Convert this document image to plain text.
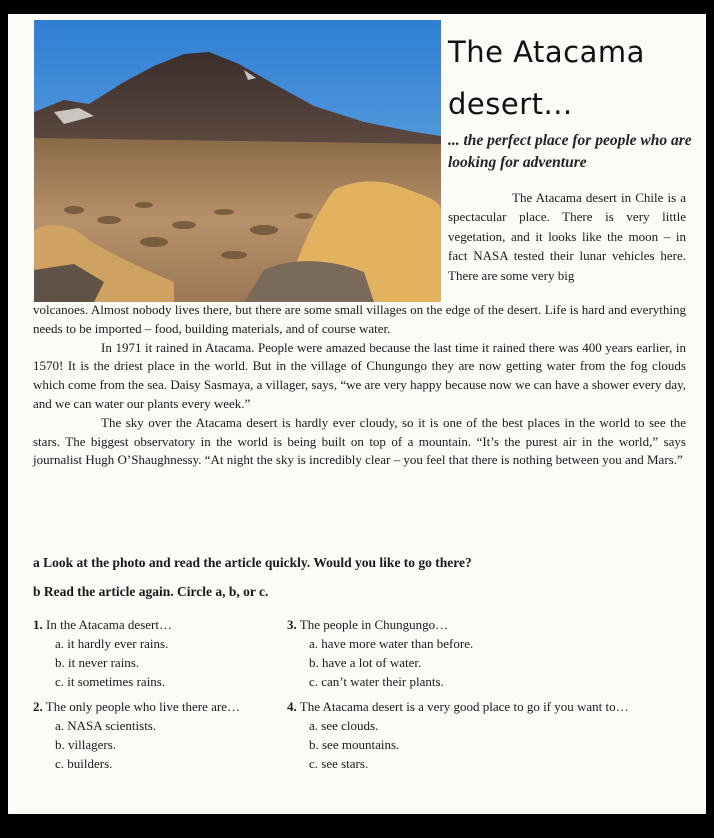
The Atacama
desert...
... the perfect place for people who are looking for adventure

The Atacama desert in Chile is a spectacular place. There is very little vegetation, and it looks like the moon – in fact NASA tested their lunar vehicles here. There are some very big

volcanoes. Almost nobody lives there, but there are some small villages on the edge of the desert. Life is hard and everything needs to be imported – food, building materials, and of course water.

In 1971 it rained in Atacama. People were amazed because the last time it rained there was 400 years earlier, in 1570! It is the driest place in the world. But in the village of Chungungo they are now getting water from the fog clouds which come from the sea. Daisy Sasmaya, a villager, says, “we are very happy because now we can have a shower every day, and we can water our plants every week.”

The sky over the Atacama desert is hardly ever cloudy, so it is one of the best places in the world to see the stars. The biggest observatory in the world is being built on top of a mountain. “It’s the purest air in the world,” says journalist Hugh O’Shaughnessy. “At night the sky is incredibly clear – you feel that there is nothing between you and Mars.”

a Look at the photo and read the article quickly. Would you like to go there?
b Read the article again. Circle a, b, or c.

1. In the Atacama desert…

a. it hardly ever rains.

b. it never rains.

c. it sometimes rains.

2. The only people who live there are…

a. NASA scientists.

b. villagers.

c. builders.

3. The people in Chungungo…

a. have more water than before.

b. have a lot of water.

c. can’t water their plants.

4. The Atacama desert is a very good place to go if you want to…

a. see clouds.

b. see mountains.

c. see stars.
